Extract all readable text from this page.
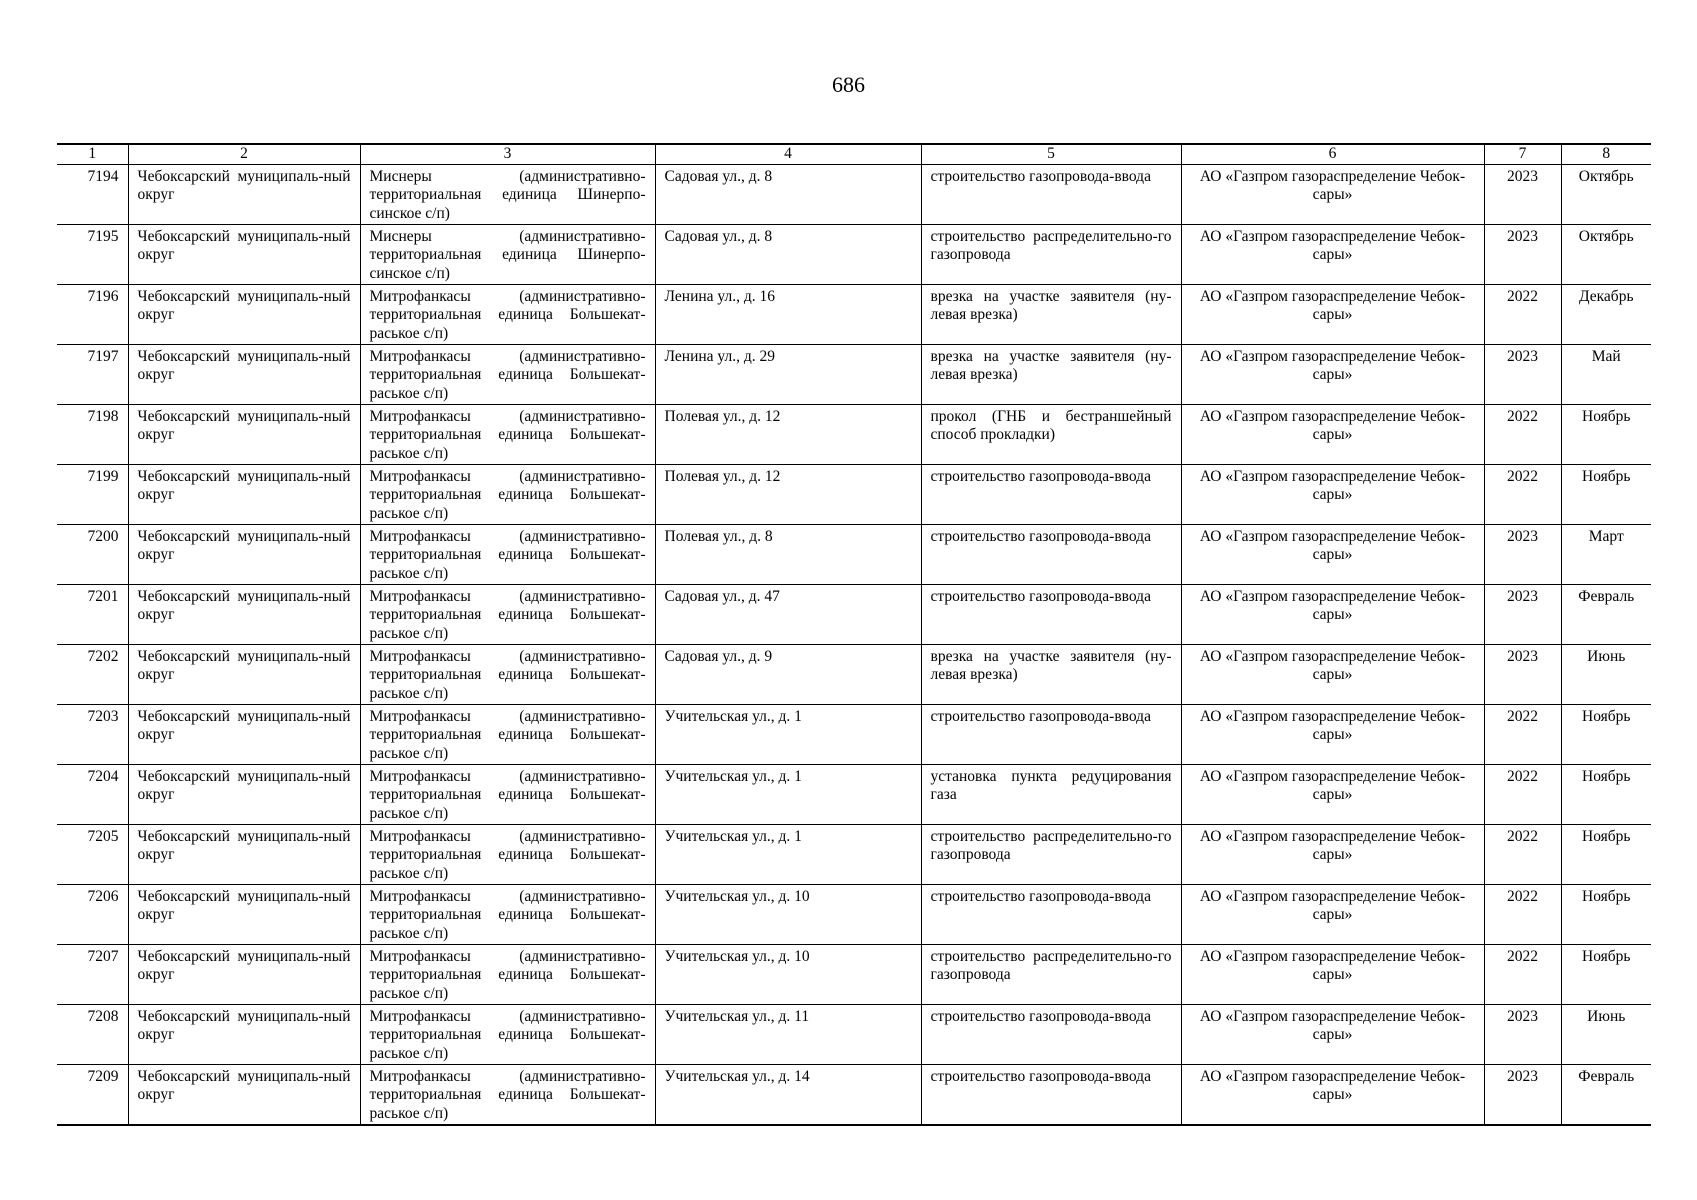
686
1	2	3	4	5	6	7	8
7194	Чебоксарский муниципаль-ный округ	Миснеры (административно-территориальная единица Шинерпо-синское с/п)	Садовая ул., д. 8	строительство газопровода-ввода	АО «Газпром газораспределение Чебок-сары»	2023	Октябрь
7195	Чебоксарский муниципаль-ный округ	Миснеры (административно-территориальная единица Шинерпо-синское с/п)	Садовая ул., д. 8	строительство распределительно-го газопровода	АО «Газпром газораспределение Чебок-сары»	2023	Октябрь
7196	Чебоксарский муниципаль-ный округ	Митрофанкасы (административно-территориальная единица Большекат-раськое с/п)	Ленина ул., д. 16	врезка на участке заявителя (ну-левая врезка)	АО «Газпром газораспределение Чебок-сары»	2022	Декабрь
7197	Чебоксарский муниципаль-ный округ	Митрофанкасы (административно-территориальная единица Большекат-раськое с/п)	Ленина ул., д. 29	врезка на участке заявителя (ну-левая врезка)	АО «Газпром газораспределение Чебок-сары»	2023	Май
7198	Чебоксарский муниципаль-ный округ	Митрофанкасы (административно-территориальная единица Большекат-раськое с/п)	Полевая ул., д. 12	прокол (ГНБ и бестраншейный способ прокладки)	АО «Газпром газораспределение Чебок-сары»	2022	Ноябрь
7199	Чебоксарский муниципаль-ный округ	Митрофанкасы (административно-территориальная единица Большекат-раськое с/п)	Полевая ул., д. 12	строительство газопровода-ввода	АО «Газпром газораспределение Чебок-сары»	2022	Ноябрь
7200	Чебоксарский муниципаль-ный округ	Митрофанкасы (административно-территориальная единица Большекат-раськое с/п)	Полевая ул., д. 8	строительство газопровода-ввода	АО «Газпром газораспределение Чебок-сары»	2023	Март
7201	Чебоксарский муниципаль-ный округ	Митрофанкасы (административно-территориальная единица Большекат-раськое с/п)	Садовая ул., д. 47	строительство газопровода-ввода	АО «Газпром газораспределение Чебок-сары»	2023	Февраль
7202	Чебоксарский муниципаль-ный округ	Митрофанкасы (административно-территориальная единица Большекат-раськое с/п)	Садовая ул., д. 9	врезка на участке заявителя (ну-левая врезка)	АО «Газпром газораспределение Чебок-сары»	2023	Июнь
7203	Чебоксарский муниципаль-ный округ	Митрофанкасы (административно-территориальная единица Большекат-раськое с/п)	Учительская ул., д. 1	строительство газопровода-ввода	АО «Газпром газораспределение Чебок-сары»	2022	Ноябрь
7204	Чебоксарский муниципаль-ный округ	Митрофанкасы (административно-территориальная единица Большекат-раськое с/п)	Учительская ул., д. 1	установка пункта редуцирования газа	АО «Газпром газораспределение Чебок-сары»	2022	Ноябрь
7205	Чебоксарский муниципаль-ный округ	Митрофанкасы (административно-территориальная единица Большекат-раськое с/п)	Учительская ул., д. 1	строительство распределительно-го газопровода	АО «Газпром газораспределение Чебок-сары»	2022	Ноябрь
7206	Чебоксарский муниципаль-ный округ	Митрофанкасы (административно-территориальная единица Большекат-раськое с/п)	Учительская ул., д. 10	строительство газопровода-ввода	АО «Газпром газораспределение Чебок-сары»	2022	Ноябрь
7207	Чебоксарский муниципаль-ный округ	Митрофанкасы (административно-территориальная единица Большекат-раськое с/п)	Учительская ул., д. 10	строительство распределительно-го газопровода	АО «Газпром газораспределение Чебок-сары»	2022	Ноябрь
7208	Чебоксарский муниципаль-ный округ	Митрофанкасы (административно-территориальная единица Большекат-раськое с/п)	Учительская ул., д. 11	строительство газопровода-ввода	АО «Газпром газораспределение Чебок-сары»	2023	Июнь
7209	Чебоксарский муниципаль-ный округ	Митрофанкасы (административно-территориальная единица Большекат-раськое с/п)	Учительская ул., д. 14	строительство газопровода-ввода	АО «Газпром газораспределение Чебок-сары»	2023	Февраль
